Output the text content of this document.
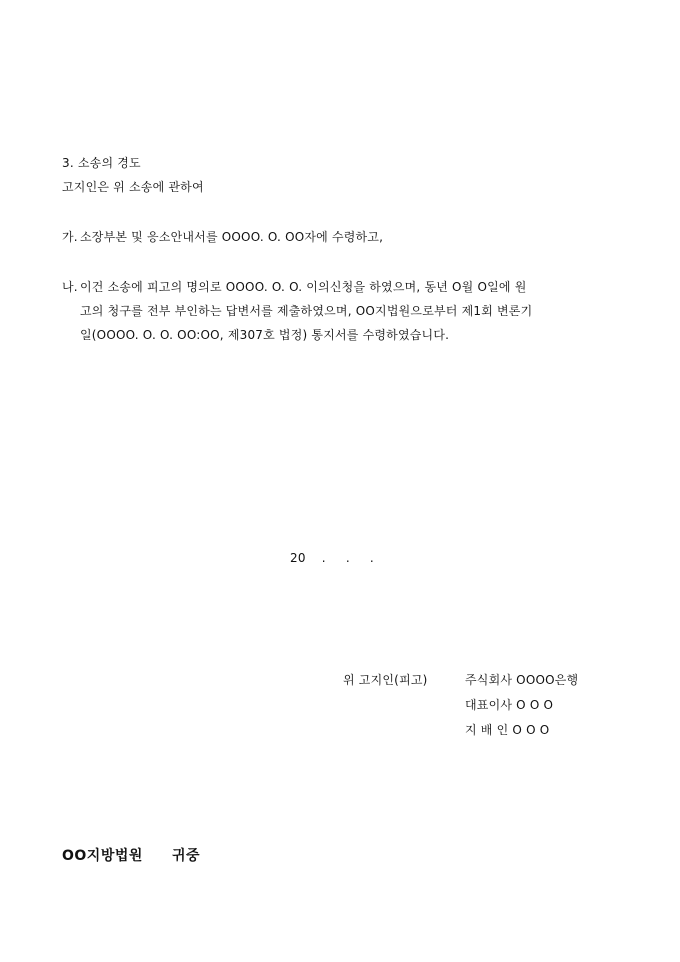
3. 소송의 경도
고지인은 위 소송에 관하여
가. 소장부본 및 응소안내서를 OOOO. O. OO자에 수령하고,
나. 이건 소송에 피고의 명의로 OOOO. O. O. 이의신청을 하였으며, 동년 O월 O일에 원
고의 청구를 전부 부인하는 답변서를 제출하였으며, OO지법원으로부터 제1회 변론기
일(OOOO. O. O. OO:OO, 제307호 법정) 통지서를 수령하였습니다.
20    .     .     .
위 고지인(피고)	주식회사 OOOO은행
대표이사 O O O
지 배 인 O O O
OO지방법원 귀중
